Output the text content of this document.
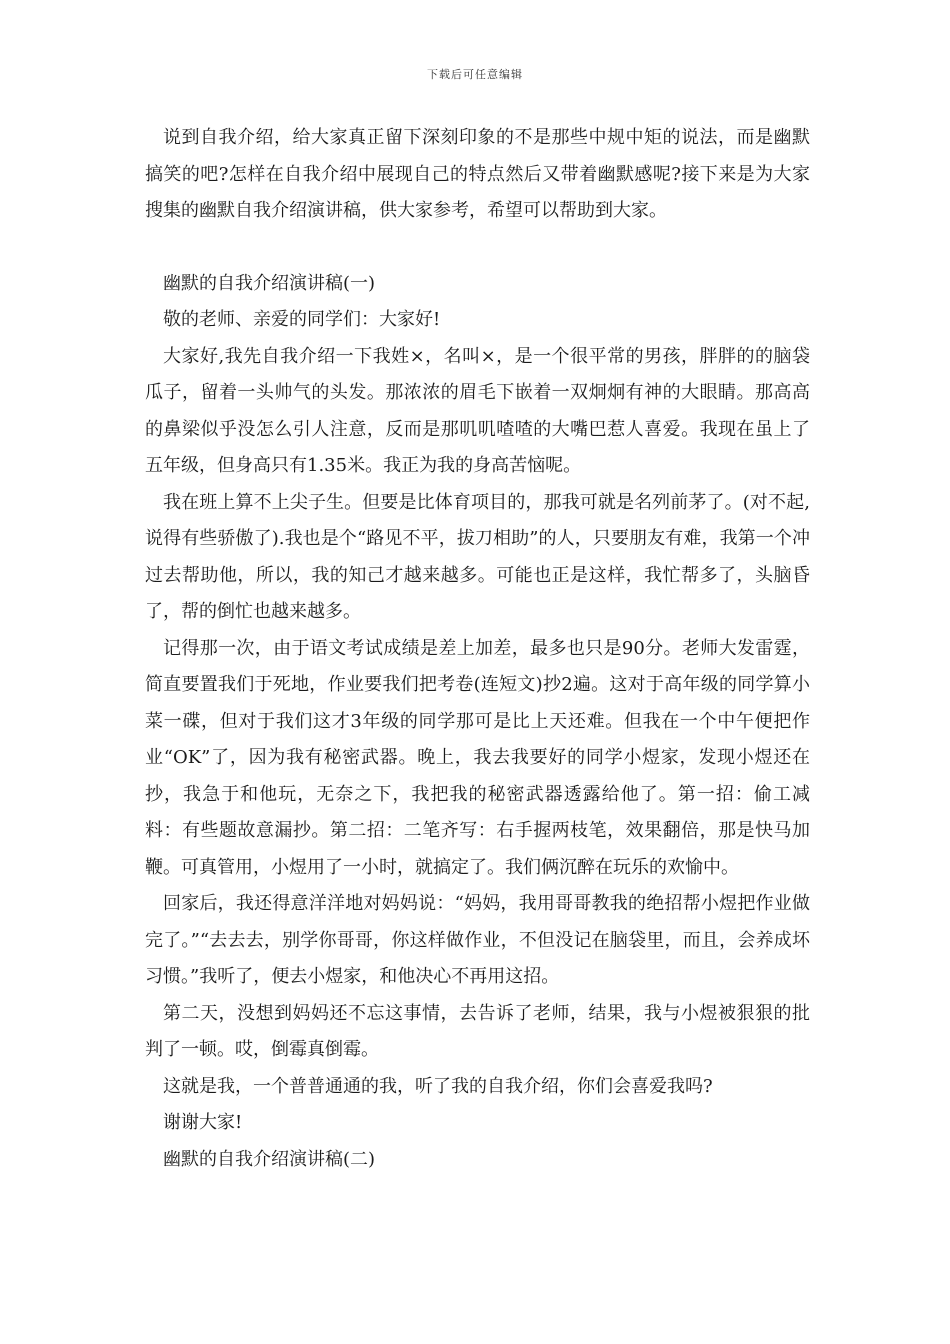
下载后可任意编辑

说到自我介绍，给大家真正留下深刻印象的不是那些中规中矩的说法，而是幽默搞笑的吧?怎样在自我介绍中展现自己的特点然后又带着幽默感呢?接下来是为大家搜集的幽默自我介绍演讲稿，供大家参考，希望可以帮助到大家。

幽默的自我介绍演讲稿(一)

敬的老师、亲爱的同学们：大家好!

大家好,我先自我介绍一下我姓×，名叫×，是一个很平常的男孩，胖胖的的脑袋瓜子，留着一头帅气的头发。那浓浓的眉毛下嵌着一双炯炯有神的大眼睛。那高高的鼻梁似乎没怎么引人注意，反而是那叽叽喳喳的大嘴巴惹人喜爱。我现在虽上了五年级，但身高只有1.35米。我正为我的身高苦恼呢。

我在班上算不上尖子生。但要是比体育项目的，那我可就是名列前茅了。(对不起,说得有些骄傲了).我也是个“路见不平，拔刀相助”的人，只要朋友有难，我第一个冲过去帮助他，所以，我的知己才越来越多。可能也正是这样，我忙帮多了，头脑昏了，帮的倒忙也越来越多。

记得那一次，由于语文考试成绩是差上加差，最多也只是90分。老师大发雷霆，简直要置我们于死地，作业要我们把考卷(连短文)抄2遍。这对于高年级的同学算小菜一碟，但对于我们这才3年级的同学那可是比上天还难。但我在一个中午便把作业“OK”了，因为我有秘密武器。晚上，我去我要好的同学小煜家，发现小煜还在抄，我急于和他玩，无奈之下，我把我的秘密武器透露给他了。第一招：偷工减料：有些题故意漏抄。第二招：二笔齐写：右手握两枝笔，效果翻倍，那是快马加鞭。可真管用，小煜用了一小时，就搞定了。我们俩沉醉在玩乐的欢愉中。

回家后，我还得意洋洋地对妈妈说：“妈妈，我用哥哥教我的绝招帮小煜把作业做完了。”“去去去，别学你哥哥，你这样做作业，不但没记在脑袋里，而且，会养成坏习惯。”我听了，便去小煜家，和他决心不再用这招。

第二天，没想到妈妈还不忘这事情，去告诉了老师，结果，我与小煜被狠狠的批判了一顿。哎，倒霉真倒霉。

这就是我，一个普普通通的我，听了我的自我介绍，你们会喜爱我吗?

谢谢大家!

幽默的自我介绍演讲稿(二)
